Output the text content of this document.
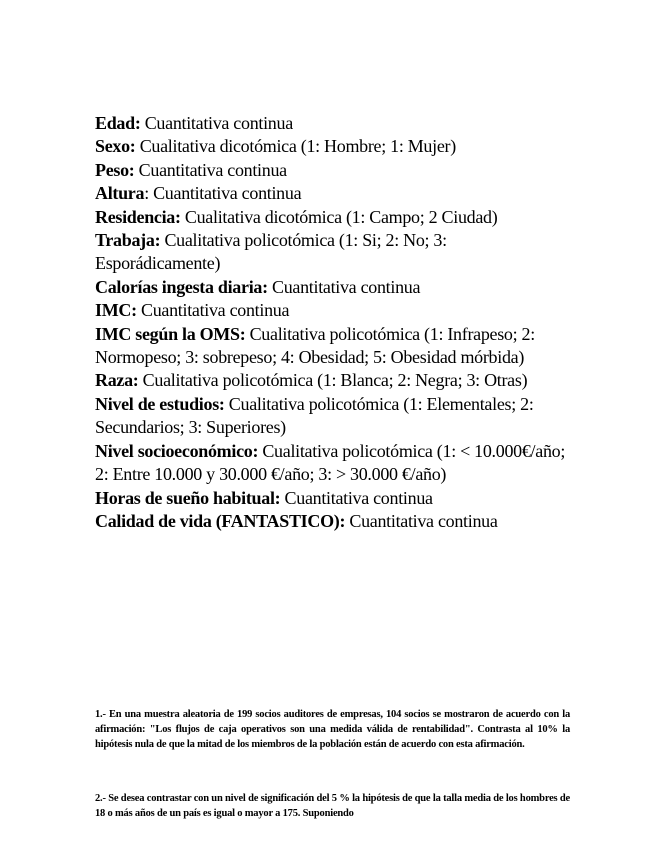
Edad: Cuantitativa continua

Sexo: Cualitativa dicotómica (1: Hombre; 1: Mujer)

Peso: Cuantitativa continua

Altura: Cuantitativa continua

Residencia: Cualitativa dicotómica (1: Campo; 2 Ciudad)

Trabaja: Cualitativa policotómica (1: Si; 2: No; 3: Esporádicamente)

Calorías ingesta diaria: Cuantitativa continua

IMC: Cuantitativa continua

IMC según la OMS: Cualitativa policotómica (1: Infrapeso; 2: Normopeso; 3: sobrepeso; 4: Obesidad; 5: Obesidad mórbida)

Raza: Cualitativa policotómica (1: Blanca; 2: Negra; 3: Otras)

Nivel de estudios: Cualitativa policotómica (1: Elementales; 2: Secundarios; 3: Superiores)

Nivel socioeconómico: Cualitativa policotómica (1: < 10.000€/año; 2: Entre 10.000 y 30.000 €/año; 3: > 30.000 €/año)

Horas de sueño habitual: Cuantitativa continua

Calidad de vida (FANTASTICO): Cuantitativa continua

1.- En una muestra aleatoria de 199 socios auditores de empresas, 104 socios se mostraron de acuerdo con la afirmación: "Los flujos de caja operativos son una medida válida de rentabilidad". Contrasta al 10% la hipótesis nula de que la mitad de los miembros de la población están de acuerdo con esta afirmación.

2.- Se desea contrastar con un nivel de significación del 5 % la hipótesis de que la talla media de los hombres de 18 o más años de un país es igual o mayor a 175. Suponiendo
